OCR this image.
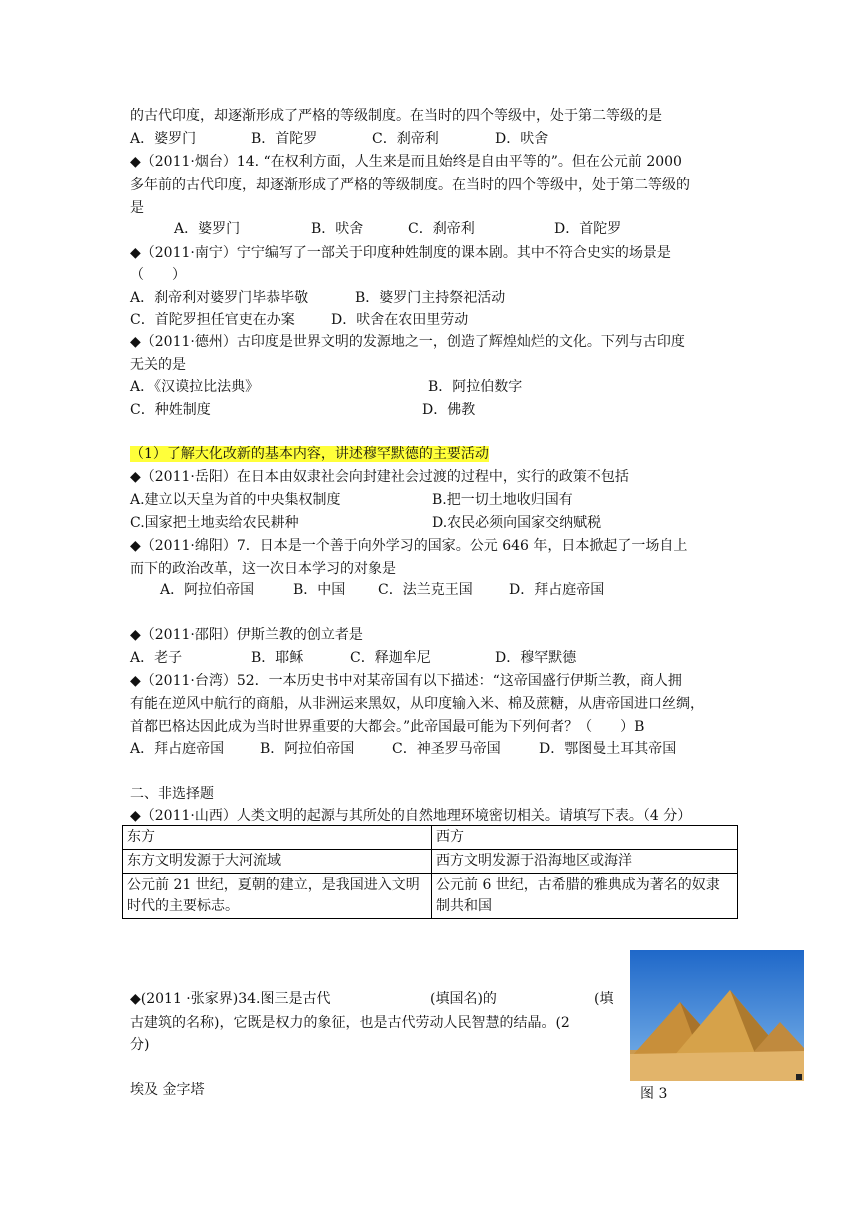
的古代印度，却逐渐形成了严格的等级制度。在当时的四个等级中，处于第二等级的是
A．婆罗门	B．首陀罗	C．刹帝利	D．吠舍
◆（2011·烟台）14. “在权利方面，人生来是而且始终是自由平等的”。但在公元前 2000
多年前的古代印度，却逐渐形成了严格的等级制度。在当时的四个等级中，处于第二等级的
是
A．婆罗门	B．吠舍	C．刹帝利	D．首陀罗
◆（2011·南宁）宁宁编写了一部关于印度种姓制度的课本剧。其中不符合史实的场景是
（　　）
A．刹帝利对婆罗门毕恭毕敬	B．婆罗门主持祭祀活动
C．首陀罗担任官吏在办案	D．吠舍在农田里劳动
◆（2011·德州）古印度是世界文明的发源地之一，创造了辉煌灿烂的文化。下列与古印度
无关的是
A．《汉谟拉比法典》	B．阿拉伯数字
C．种姓制度	D．佛教
（1）了解大化改新的基本内容，讲述穆罕默德的主要活动
◆（2011·岳阳）在日本由奴隶社会向封建社会过渡的过程中，实行的政策不包括
A.建立以天皇为首的中央集权制度	B.把一切土地收归国有
C.国家把土地卖给农民耕种	D.农民必须向国家交纳赋税
◆（2011·绵阳）7．日本是一个善于向外学习的国家。公元 646 年，日本掀起了一场自上
而下的政治改革，这一次日本学习的对象是
A．阿拉伯帝国	B．中国 C．法兰克王国	D．拜占庭帝国
◆（2011·邵阳）伊斯兰教的创立者是
A．老子	B．耶稣	C．释迦牟尼	D．穆罕默德
◆（2011·台湾）52．一本历史书中对某帝国有以下描述：“这帝国盛行伊斯兰教，商人拥
有能在逆风中航行的商船，从非洲运来黑奴，从印度输入米、棉及蔗糖，从唐帝国进口丝绸，
首都巴格达因此成为当时世界重要的大都会。”此帝国最可能为下列何者？（　　）B
A．拜占庭帝国	B．阿拉伯帝国	C．神圣罗马帝国	D．鄂图曼土耳其帝国
二、非选择题
◆（2011·山西）人类文明的起源与其所处的自然地理环境密切相关。请填写下表。（4 分）
东方	西方
东方文明发源于大河流域	西方文明发源于沿海地区或海洋
公元前 21 世纪，夏朝的建立，是我国进入文明时代的主要标志。	公元前 6 世纪，古希腊的雅典成为著名的奴隶制共和国
◆(2011 ·张家界)34.图三是古代	(填国名)的	(填
古建筑的名称)，它既是权力的象征，也是古代劳动人民智慧的结晶。(2
分)
埃及 金字塔	图 3
